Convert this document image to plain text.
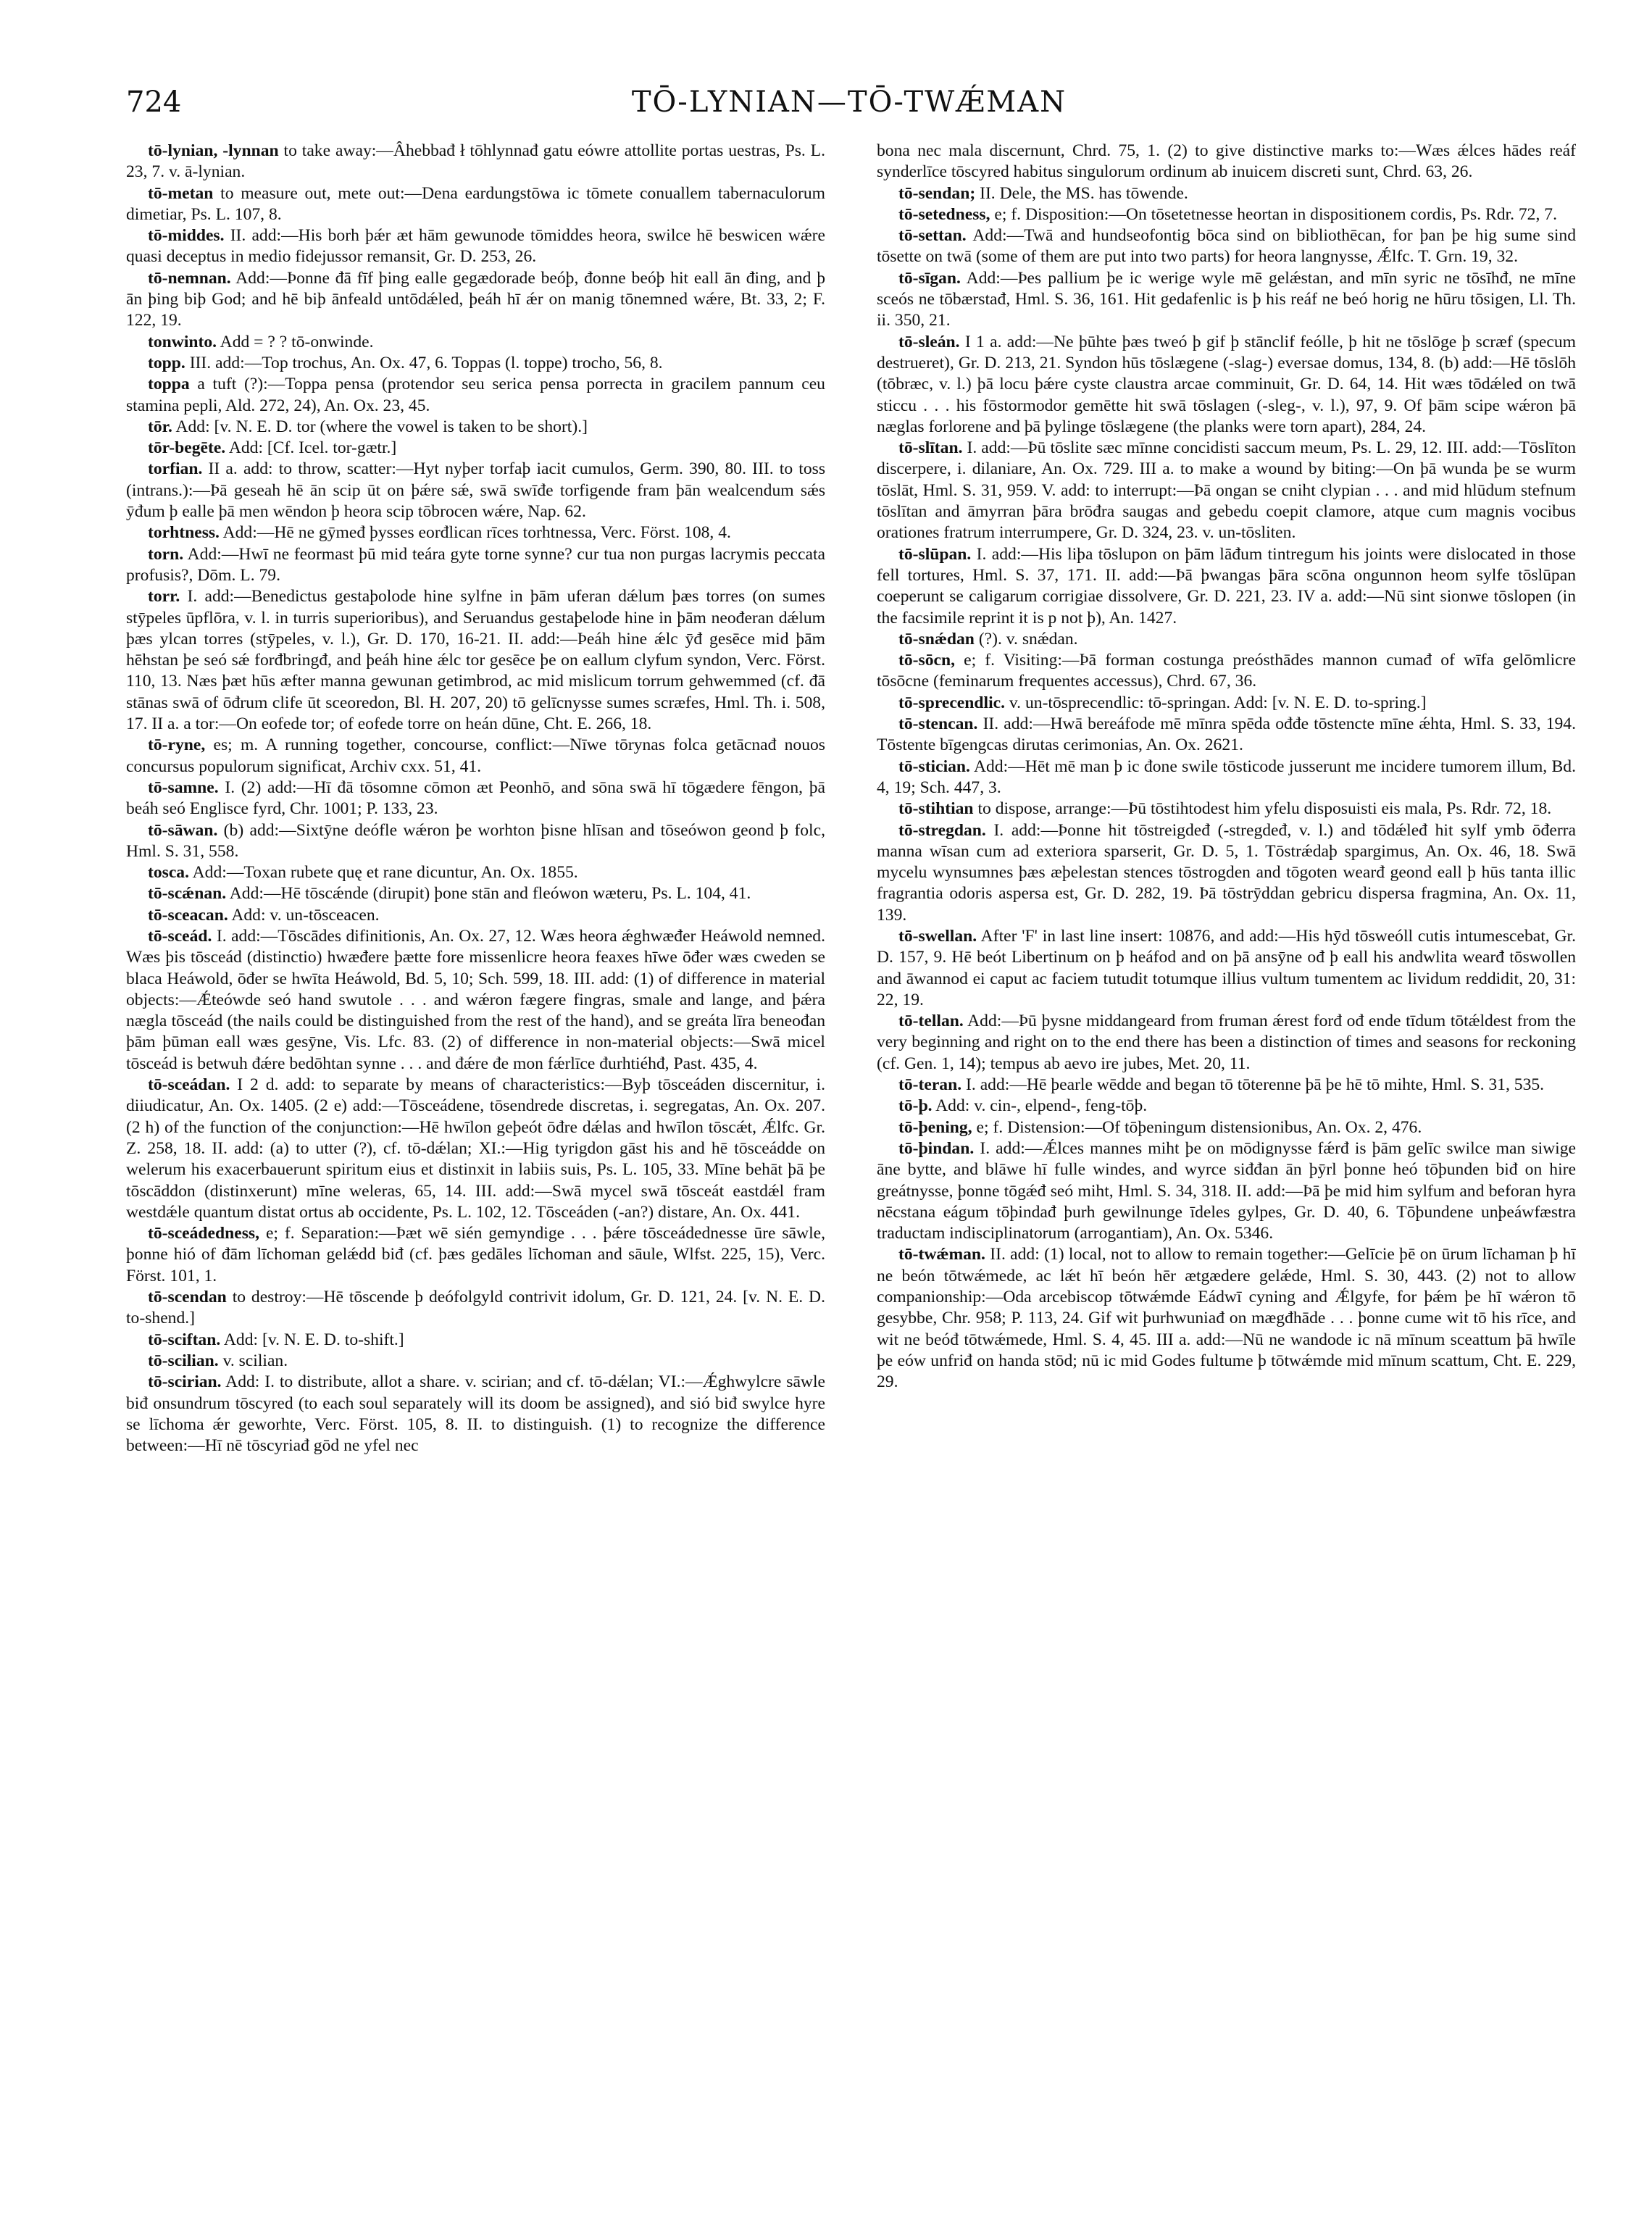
724	TŌ-LYNIAN—TŌ-TWǼMAN

tō-lynian, -lynnan to take away:—Âhebbađ ł tōhlynnađ gatu eówre attollite portas uestras, Ps. L. 23, 7. v. ā-lynian.

tō-metan to measure out, mete out:—Dena eardungstōwa ic tōmete conuallem tabernaculorum dimetiar, Ps. L. 107, 8.

tō-middes. II. add:—His borh þǽr æt hām gewunode tōmiddes heora, swilce hē beswicen wǽre quasi deceptus in medio fidejussor remansit, Gr. D. 253, 26.

tō-nemnan. Add:—Þonne đā fīf þing ealle gegædorade beóþ, đonne beóþ hit eall ān đing, and þ ān þing biþ God; and hē biþ ānfeald untōdǽled, þeáh hī ǽr on manig tōnemned wǽre, Bt. 33, 2; F. 122, 19.

tonwinto. Add = ? ? tō-onwinde.

topp. III. add:—Top trochus, An. Ox. 47, 6. Toppas (l. toppe) trocho, 56, 8.

toppa a tuft (?):—Toppa pensa (protendor seu serica pensa porrecta in gracilem pannum ceu stamina pepli, Ald. 272, 24), An. Ox. 23, 45.

tōr. Add: [v. N. E. D. tor (where the vowel is taken to be short).]

tōr-begēte. Add: [Cf. Icel. tor-gætr.]

torfian. II a. add: to throw, scatter:—Hyt nyþer torfaþ iacit cumulos, Germ. 390, 80. III. to toss (intrans.):—Þā geseah hē ān scip ūt on þǽre sǽ, swā swīđe torfigende fram þān wealcendum sǽs ȳđum þ ealle þā men wēndon þ heora scip tōbrocen wǽre, Nap. 62.

torhtness. Add:—Hē ne gȳmeđ þysses eorđlican rīces torhtnessa, Verc. Först. 108, 4.

torn. Add:—Hwī ne feormast þū mid teára gyte torne synne? cur tua non purgas lacrymis peccata profusis?, Dōm. L. 79.

torr. I. add:—Benedictus gestaþolode hine sylfne in þām uferan dǽlum þæs torres (on sumes stȳpeles ūpflōra, v. l. in turris superioribus), and Seruandus gestaþelode hine in þām neođeran dǽlum þæs ylcan torres (stȳpeles, v. l.), Gr. D. 170, 16-21. II. add:—Þeáh hine ǽlc ȳđ gesēce mid þām hēhstan þe seó sǽ forđbringđ, and þeáh hine ǽlc tor gesēce þe on eallum clyfum syndon, Verc. Först. 110, 13. Næs þæt hūs æfter manna gewunan getimbrod, ac mid mislicum torrum gehwemmed (cf. đā stānas swā of ōđrum clife ūt sceoredon, Bl. H. 207, 20) tō gelīcnysse sumes scræfes, Hml. Th. i. 508, 17. II a. a tor:—On eofede tor; of eofede torre on heán dūne, Cht. E. 266, 18.

tō-ryne, es; m. A running together, concourse, conflict:—Nīwe tōrynas folca getācnađ nouos concursus populorum significat, Archiv cxx. 51, 41.

tō-samne. I. (2) add:—Hī đā tōsomne cōmon æt Peonhō, and sōna swā hī tōgædere fēngon, þā beáh seó Englisce fyrd, Chr. 1001; P. 133, 23.

tō-sāwan. (b) add:—Sixtȳne deófle wǽron þe worhton þisne hlīsan and tōseówon geond þ folc, Hml. S. 31, 558.

tosca. Add:—Toxan rubete quę et rane dicuntur, An. Ox. 1855.

tō-scǽnan. Add:—Hē tōscǽnde (dirupit) þone stān and fleówon wæteru, Ps. L. 104, 41.

tō-sceacan. Add: v. un-tōsceacen.

tō-sceád. I. add:—Tōscādes difinitionis, An. Ox. 27, 12. Wæs heora ǽghwæđer Heáwold nemned. Wæs þis tōsceád (distinctio) hwæđere þætte fore missenlicre heora feaxes hīwe ōđer wæs cweden se blaca Heáwold, ōđer se hwīta Heáwold, Bd. 5, 10; Sch. 599, 18. III. add: (1) of difference in material objects:—Ǽteówde seó hand swutole . . . and wǽron fægere fingras, smale and lange, and þǽra nægla tōsceád (the nails could be distinguished from the rest of the hand), and se greáta līra beneođan þām þūman eall wæs gesȳne, Vis. Lfc. 83. (2) of difference in non-material objects:—Swā micel tōsceád is betwuh đǽre bedōhtan synne . . . and đǽre đe mon fǽrlīce đurhtiéhđ, Past. 435, 4.

tō-sceádan. I 2 d. add: to separate by means of characteristics:—Byþ tōsceáden discernitur, i. diiudicatur, An. Ox. 1405. (2 e) add:—Tōsceádene, tōsendrede discretas, i. segregatas, An. Ox. 207. (2 h) of the function of the conjunction:—Hē hwīlon geþeót ōđre dǽlas and hwīlon tōscǽt, Ǽlfc. Gr. Z. 258, 18. II. add: (a) to utter (?), cf. tō-dǽlan; XI.:—Hig tyrigdon gāst his and hē tōsceádde on welerum his exacerbauerunt spiritum eius et distinxit in labiis suis, Ps. L. 105, 33. Mīne behāt þā þe tōscāddon (distinxerunt) mīne weleras, 65, 14. III. add:—Swā mycel swā tōsceát eastdǽl fram westdǽle quantum distat ortus ab occidente, Ps. L. 102, 12. Tōsceáden (-an?) distare, An. Ox. 441.

tō-sceádedness, e; f. Separation:—Þæt wē sién gemyndige . . . þǽre tōsceádednesse ūre sāwle, þonne hió of đām līchoman gelǽdd biđ (cf. þæs gedāles līchoman and sāule, Wlfst. 225, 15), Verc. Först. 101, 1.

tō-scendan to destroy:—Hē tōscende þ deófolgyld contrivit idolum, Gr. D. 121, 24. [v. N. E. D. to-shend.]

tō-sciftan. Add: [v. N. E. D. to-shift.]

tō-scilian. v. scilian.

tō-scirian. Add: I. to distribute, allot a share. v. scirian; and cf. tō-dǽlan; VI.:—Ǽghwylcre sāwle biđ onsundrum tōscyred (to each soul separately will its doom be assigned), and sió biđ swylce hyre se līchoma ǽr geworhte, Verc. Först. 105, 8. II. to distinguish. (1) to recognize the difference between:—Hī nē tōscyriađ gōd ne yfel nec

bona nec mala discernunt, Chrd. 75, 1. (2) to give distinctive marks to:—Wæs ǽlces hādes reáf synderlīce tōscyred habitus singulorum ordinum ab inuicem discreti sunt, Chrd. 63, 26.

tō-sendan; II. Dele, the MS. has tōwende.

tō-setedness, e; f. Disposition:—On tōsetetnesse heortan in dispositionem cordis, Ps. Rdr. 72, 7.

tō-settan. Add:—Twā and hundseofontig bōca sind on bibliothēcan, for þan þe hig sume sind tōsette on twā (some of them are put into two parts) for heora langnysse, Ǽlfc. T. Grn. 19, 32.

tō-sīgan. Add:—Þes pallium þe ic werige wyle mē gelǽstan, and mīn syric ne tōsīhđ, ne mīne sceós ne tōbærstađ, Hml. S. 36, 161. Hit gedafenlic is þ his reáf ne beó horig ne hūru tōsigen, Ll. Th. ii. 350, 21.

tō-sleán. I 1 a. add:—Ne þūhte þæs tweó þ gif þ stānclif feólle, þ hit ne tōslōge þ scræf (specum destrueret), Gr. D. 213, 21. Syndon hūs tōslægene (-slag-) eversae domus, 134, 8. (b) add:—Hē tōslōh (tōbræc, v. l.) þā locu þǽre cyste claustra arcae comminuit, Gr. D. 64, 14. Hit wæs tōdǽled on twā sticcu . . . his fōstormodor gemētte hit swā tōslagen (-sleg-, v. l.), 97, 9. Of þām scipe wǽron þā næglas forlorene and þā þylinge tōslægene (the planks were torn apart), 284, 24.

tō-slītan. I. add:—Þū tōslite sæc mīnne concidisti saccum meum, Ps. L. 29, 12. III. add:—Tōslīton discerpere, i. dilaniare, An. Ox. 729. III a. to make a wound by biting:—On þā wunda þe se wurm tōslāt, Hml. S. 31, 959. V. add: to interrupt:—Þā ongan se cniht clypian . . . and mid hlūdum stefnum tōslītan and āmyrran þāra brōđra saugas and gebedu coepit clamore, atque cum magnis vocibus orationes fratrum interrumpere, Gr. D. 324, 23. v. un-tōsliten.

tō-slūpan. I. add:—His liþa tōslupon on þām lāđum tintregum his joints were dislocated in those fell tortures, Hml. S. 37, 171. II. add:—Þā þwangas þāra scōna ongunnon heom sylfe tōslūpan coeperunt se caligarum corrigiae dissolvere, Gr. D. 221, 23. IV a. add:—Nū sint sionwe tōslopen (in the facsimile reprint it is p not þ), An. 1427.

tō-snǽdan (?). v. snǽdan.

tō-sōcn, e; f. Visiting:—Þā forman costunga preósthādes mannon cumađ of wīfa gelōmlicre tōsōcne (feminarum frequentes accessus), Chrd. 67, 36.

tō-sprecendlic. v. un-tōsprecendlic: tō-springan. Add: [v. N. E. D. to-spring.]

tō-stencan. II. add:—Hwā bereáfode mē mīnra spēda ođđe tōstencte mīne ǽhta, Hml. S. 33, 194. Tōstente bīgengcas dirutas cerimonias, An. Ox. 2621.

tō-stician. Add:—Hēt mē man þ ic đone swile tōsticode jusserunt me incidere tumorem illum, Bd. 4, 19; Sch. 447, 3.

tō-stihtian to dispose, arrange:—Þū tōstihtodest him yfelu disposuisti eis mala, Ps. Rdr. 72, 18.

tō-stregdan. I. add:—Þonne hit tōstreigdeđ (-stregdeđ, v. l.) and tōdǽleđ hit sylf ymb ōđerra manna wīsan cum ad exteriora sparserit, Gr. D. 5, 1. Tōstrǽdaþ spargimus, An. Ox. 46, 18. Swā mycelu wynsumnes þæs æþelestan stences tōstrogden and tōgoten wearđ geond eall þ hūs tanta illic fragrantia odoris aspersa est, Gr. D. 282, 19. Þā tōstrȳddan gebricu dispersa fragmina, An. Ox. 11, 139.

tō-swellan. After 'F' in last line insert: 10876, and add:—His hȳd tōsweóll cutis intumescebat, Gr. D. 157, 9. Hē beót Libertinum on þ heáfod and on þā ansȳne ođ þ eall his andwlita wearđ tōswollen and āwannod ei caput ac faciem tutudit totumque illius vultum tumentem ac lividum reddidit, 20, 31: 22, 19.

tō-tellan. Add:—Þū þysne middangeard from fruman ǽrest forđ ođ ende tīdum tōtǽldest from the very beginning and right on to the end there has been a distinction of times and seasons for reckoning (cf. Gen. 1, 14); tempus ab aevo ire jubes, Met. 20, 11.

tō-teran. I. add:—Hē þearle wēdde and began tō tōterenne þā þe hē tō mihte, Hml. S. 31, 535.

tō-þ. Add: v. cin-, elpend-, feng-tōþ.

tō-þening, e; f. Distension:—Of tōþeningum distensionibus, An. Ox. 2, 476.

tō-þindan. I. add:—Ǽlces mannes miht þe on mōdignysse fǽrđ is þām gelīc swilce man siwige āne bytte, and blāwe hī fulle windes, and wyrce siđđan ān þȳrl þonne heó tōþunden biđ on hire greátnysse, þonne tōgǽđ seó miht, Hml. S. 34, 318. II. add:—Þā þe mid him sylfum and beforan hyra nēcstana eágum tōþindađ þurh gewilnunge īdeles gylpes, Gr. D. 40, 6. Tōþundene unþeáwfæstra traductam indisciplinatorum (arrogantiam), An. Ox. 5346.

tō-twǽman. II. add: (1) local, not to allow to remain together:—Gelīcie þē on ūrum līchaman þ hī ne beón tōtwǽmede, ac lǽt hī beón hēr ætgædere gelǽde, Hml. S. 30, 443. (2) not to allow companionship:—Oda arcebiscop tōtwǽmde Eádwī cyning and Ǽlgyfe, for þǽm þe hī wǽron tō gesybbe, Chr. 958; P. 113, 24. Gif wit þurhwuniađ on mægđhāde . . . þonne cume wit tō his rīce, and wit ne beóđ tōtwǽmede, Hml. S. 4, 45. III a. add:—Nū ne wandode ic nā mīnum sceattum þā hwīle þe eów unfriđ on handa stōd; nū ic mid Godes fultume þ tōtwǽmde mid mīnum scattum, Cht. E. 229, 29.
